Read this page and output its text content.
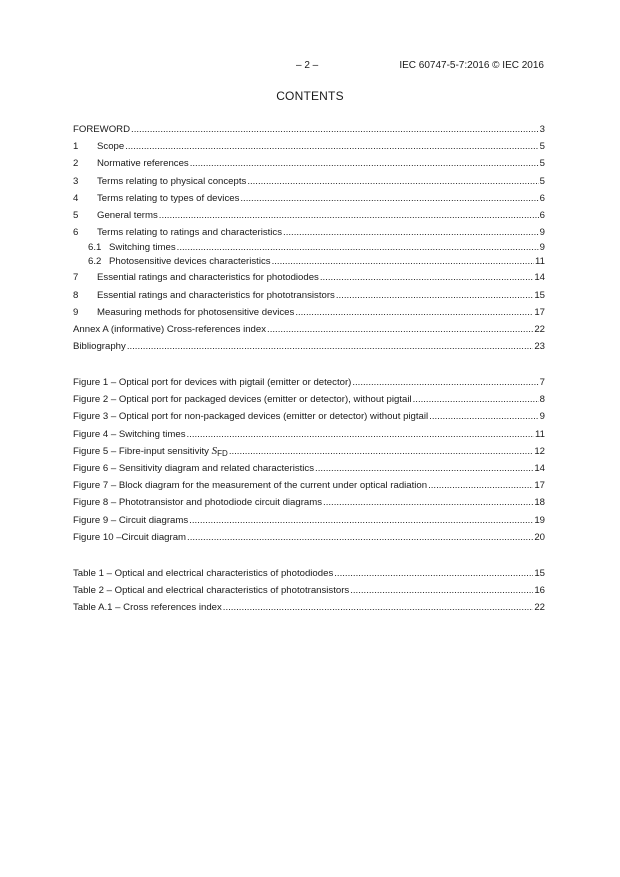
– 2 –	IEC 60747-5-7:2016 © IEC 2016
CONTENTS
FOREWORD .....	3
1	Scope .....	5
2	Normative references .....	5
3	Terms relating to physical concepts .....	5
4	Terms relating to types of devices .....	6
5	General terms .....	6
6	Terms relating to ratings and characteristics .....	9
6.1 Switching times .....	9
6.2 Photosensitive devices characteristics .....	11
7	Essential ratings and characteristics for photodiodes .....	14
8	Essential ratings and characteristics for phototransistors .....	15
9	Measuring methods for photosensitive devices .....	17
Annex A (informative) Cross-references index .....	22
Bibliography .....	23
Figure 1 – Optical port for devices with pigtail (emitter or detector) .....	7
Figure 2 – Optical port for packaged devices (emitter or detector), without pigtail .....	8
Figure 3 – Optical port for non-packaged devices (emitter or detector) without pigtail .....	9
Figure 4 – Switching times .....	11
Figure 5 – Fibre-input sensitivity $S_{FD}$ .....	12
Figure 6 – Sensitivity diagram and related characteristics .....	14
Figure 7 – Block diagram for the measurement of the current under optical radiation .....	17
Figure 8 – Phototransistor and photodiode circuit diagrams .....	18
Figure 9 – Circuit diagrams .....	19
Figure 10 –Circuit diagram .....	20
Table 1 – Optical and electrical characteristics of photodiodes .....	15
Table 2 – Optical and electrical characteristics of phototransistors .....	16
Table A.1 – Cross references index .....	22
